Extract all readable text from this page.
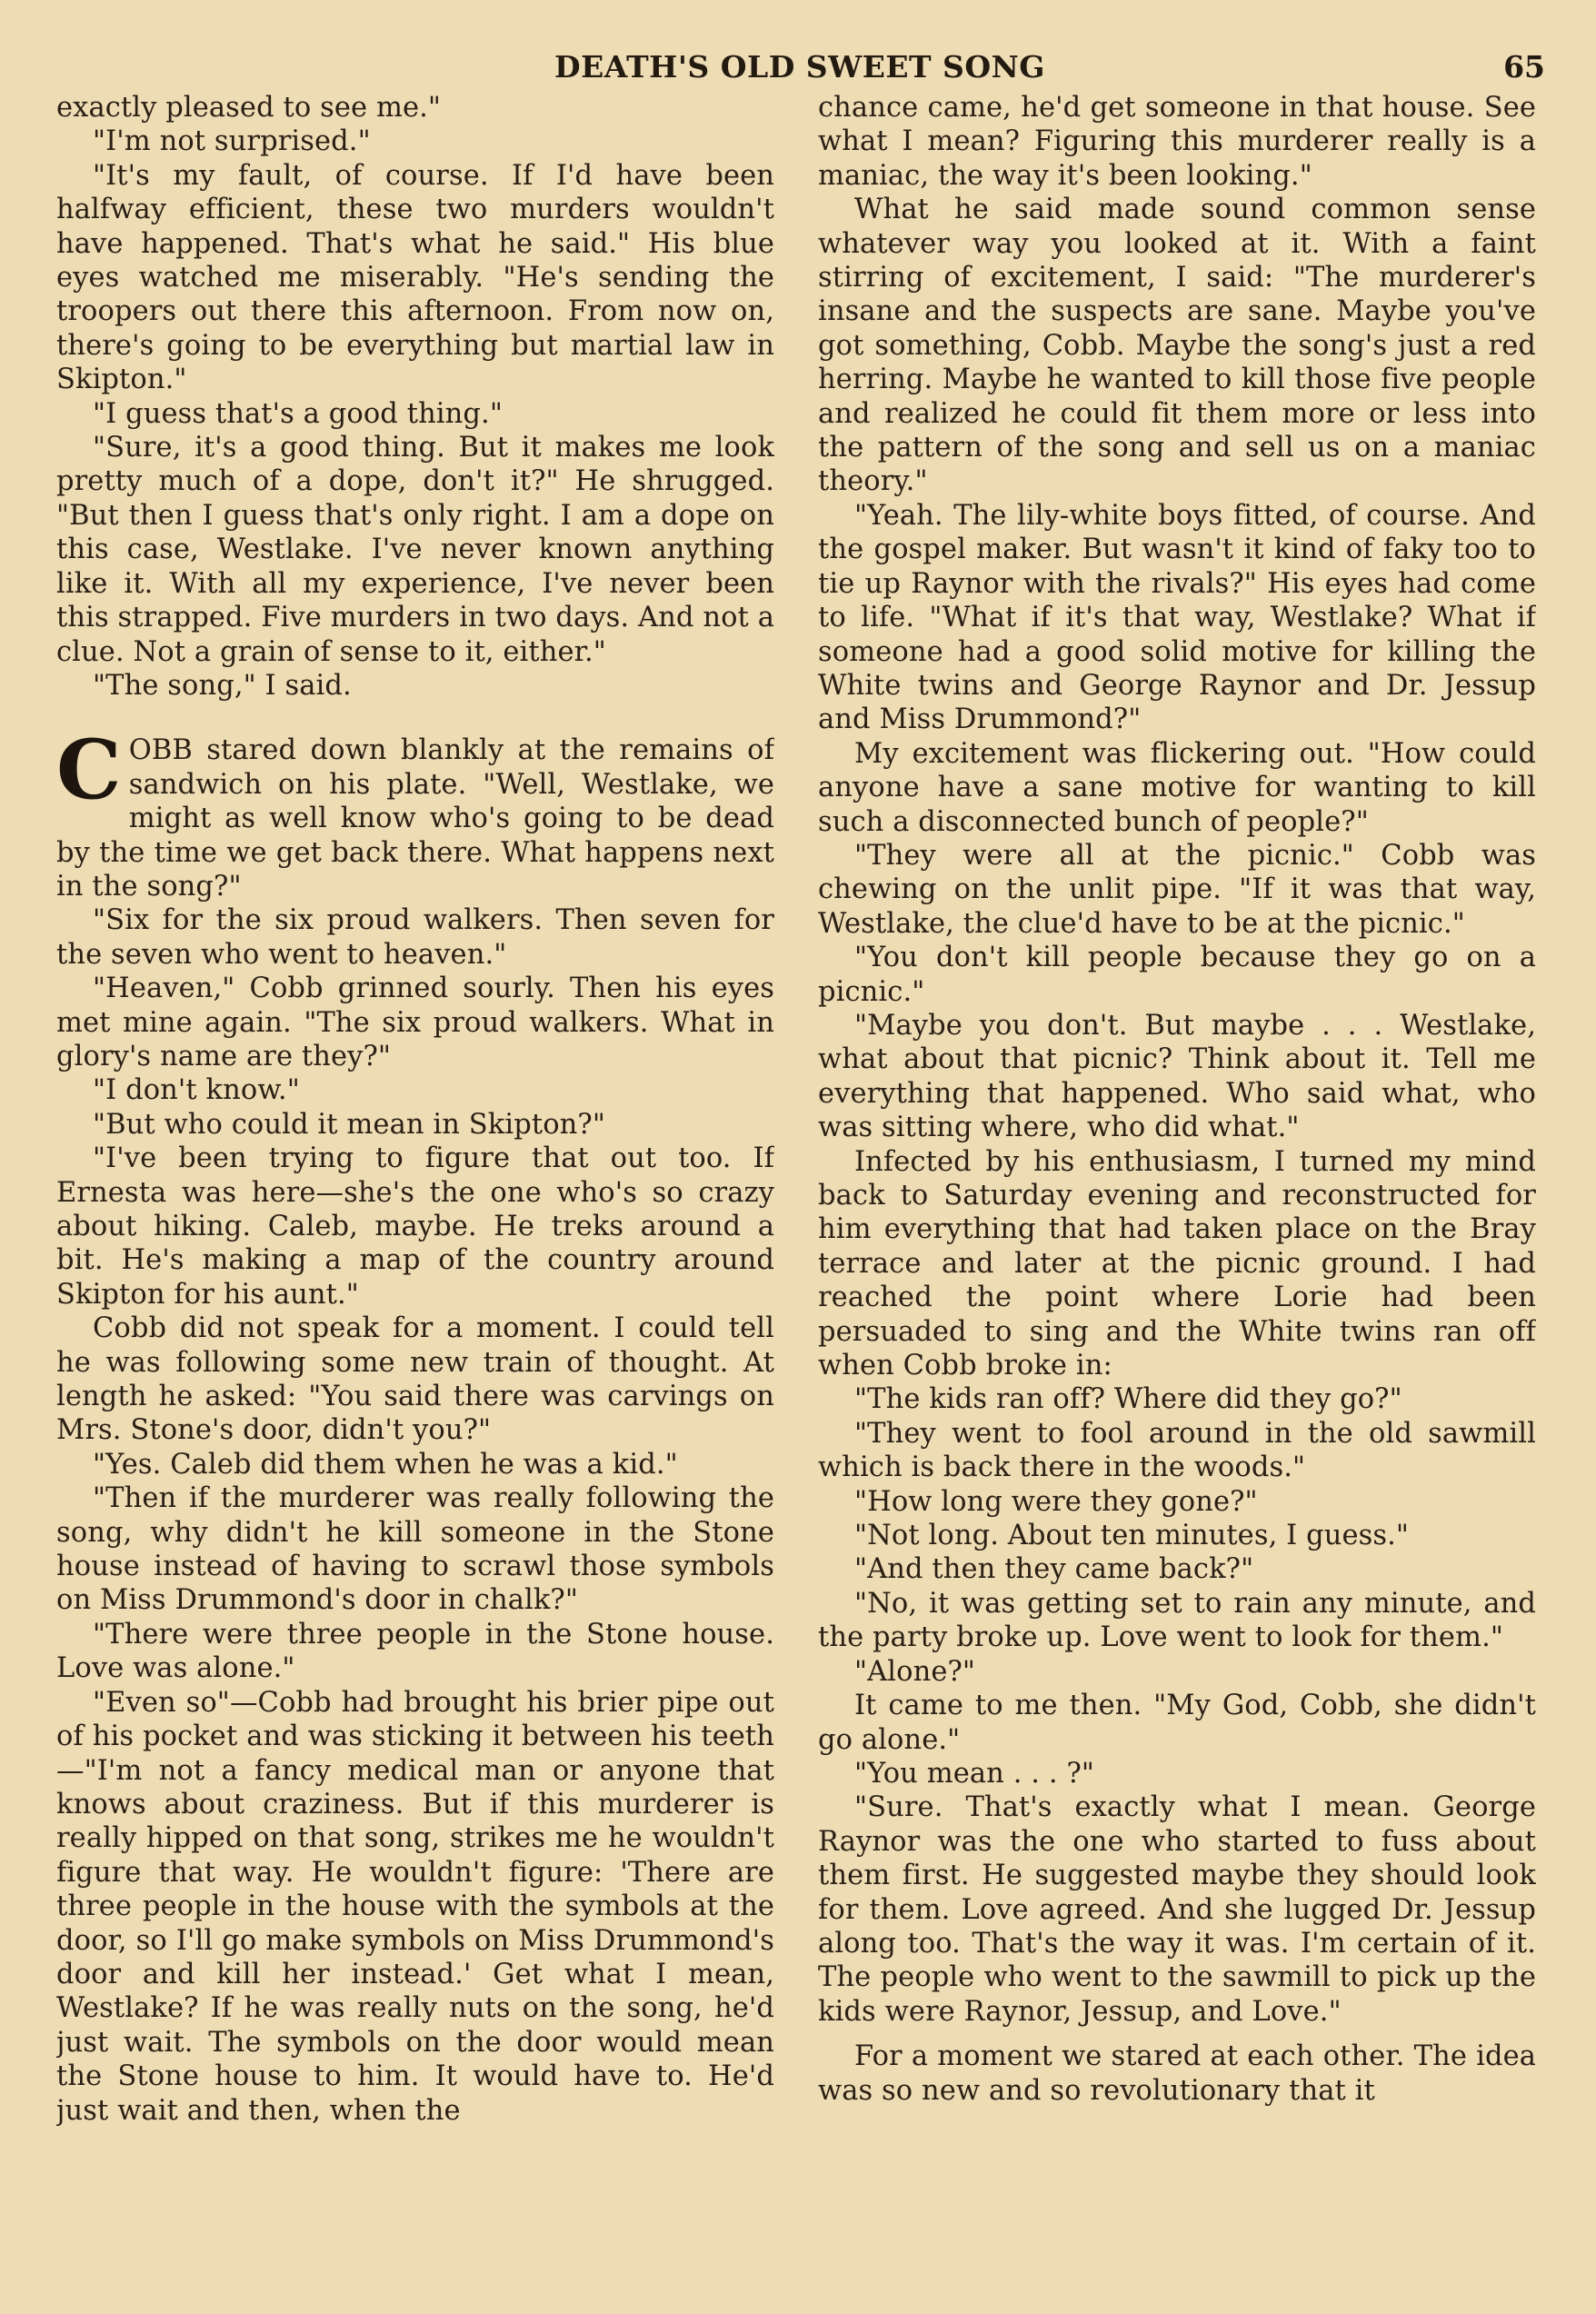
DEATH'S OLD SWEET SONG	65

exactly pleased to see me."

"I'm not surprised."

"It's my fault, of course. If I'd have been halfway efficient, these two murders wouldn't have happened. That's what he said." His blue eyes watched me miserably. "He's sending the troopers out there this afternoon. From now on, there's going to be everything but martial law in Skipton."

"I guess that's a good thing."

"Sure, it's a good thing. But it makes me look pretty much of a dope, don't it?" He shrugged. "But then I guess that's only right. I am a dope on this case, Westlake. I've never known anything like it. With all my experience, I've never been this strapped. Five murders in two days. And not a clue. Not a grain of sense to it, either."

"The song," I said.

COBB stared down blankly at the remains of sandwich on his plate. "Well, Westlake, we might as well know who's going to be dead by the time we get back there. What happens next in the song?"

"Six for the six proud walkers. Then seven for the seven who went to heaven."

"Heaven," Cobb grinned sourly. Then his eyes met mine again. "The six proud walkers. What in glory's name are they?"

"I don't know."

"But who could it mean in Skipton?"

"I've been trying to figure that out too. If Ernesta was here—she's the one who's so crazy about hiking. Caleb, maybe. He treks around a bit. He's making a map of the country around Skipton for his aunt."

Cobb did not speak for a moment. I could tell he was following some new train of thought. At length he asked: "You said there was carvings on Mrs. Stone's door, didn't you?"

"Yes. Caleb did them when he was a kid."

"Then if the murderer was really following the song, why didn't he kill someone in the Stone house instead of having to scrawl those symbols on Miss Drummond's door in chalk?"

"There were three people in the Stone house. Love was alone."

"Even so"—Cobb had brought his brier pipe out of his pocket and was sticking it between his teeth—"I'm not a fancy medical man or anyone that knows about craziness. But if this murderer is really hipped on that song, strikes me he wouldn't figure that way. He wouldn't figure: 'There are three people in the house with the symbols at the door, so I'll go make symbols on Miss Drummond's door and kill her instead.' Get what I mean, Westlake? If he was really nuts on the song, he'd just wait. The symbols on the door would mean the Stone house to him. It would have to. He'd just wait and then, when the

chance came, he'd get someone in that house. See what I mean? Figuring this murderer really is a maniac, the way it's been looking."

What he said made sound common sense whatever way you looked at it. With a faint stirring of excitement, I said: "The murderer's insane and the suspects are sane. Maybe you've got something, Cobb. Maybe the song's just a red herring. Maybe he wanted to kill those five people and realized he could fit them more or less into the pattern of the song and sell us on a maniac theory."

"Yeah. The lily-white boys fitted, of course. And the gospel maker. But wasn't it kind of faky too to tie up Raynor with the rivals?" His eyes had come to life. "What if it's that way, Westlake? What if someone had a good solid motive for killing the White twins and George Raynor and Dr. Jessup and Miss Drummond?"

My excitement was flickering out. "How could anyone have a sane motive for wanting to kill such a disconnected bunch of people?"

"They were all at the picnic." Cobb was chewing on the unlit pipe. "If it was that way, Westlake, the clue'd have to be at the picnic."

"You don't kill people because they go on a picnic."

"Maybe you don't. But maybe . . . Westlake, what about that picnic? Think about it. Tell me everything that happened. Who said what, who was sitting where, who did what."

Infected by his enthusiasm, I turned my mind back to Saturday evening and reconstructed for him everything that had taken place on the Bray terrace and later at the picnic ground. I had reached the point where Lorie had been persuaded to sing and the White twins ran off when Cobb broke in:

"The kids ran off? Where did they go?"

"They went to fool around in the old sawmill which is back there in the woods."

"How long were they gone?"

"Not long. About ten minutes, I guess."

"And then they came back?"

"No, it was getting set to rain any minute, and the party broke up. Love went to look for them."

"Alone?"

It came to me then. "My God, Cobb, she didn't go alone."

"You mean . . . ?"

"Sure. That's exactly what I mean. George Raynor was the one who started to fuss about them first. He suggested maybe they should look for them. Love agreed. And she lugged Dr. Jessup along too. That's the way it was. I'm certain of it. The people who went to the sawmill to pick up the kids were Raynor, Jessup, and Love."

For a moment we stared at each other. The idea was so new and so revolutionary that it
